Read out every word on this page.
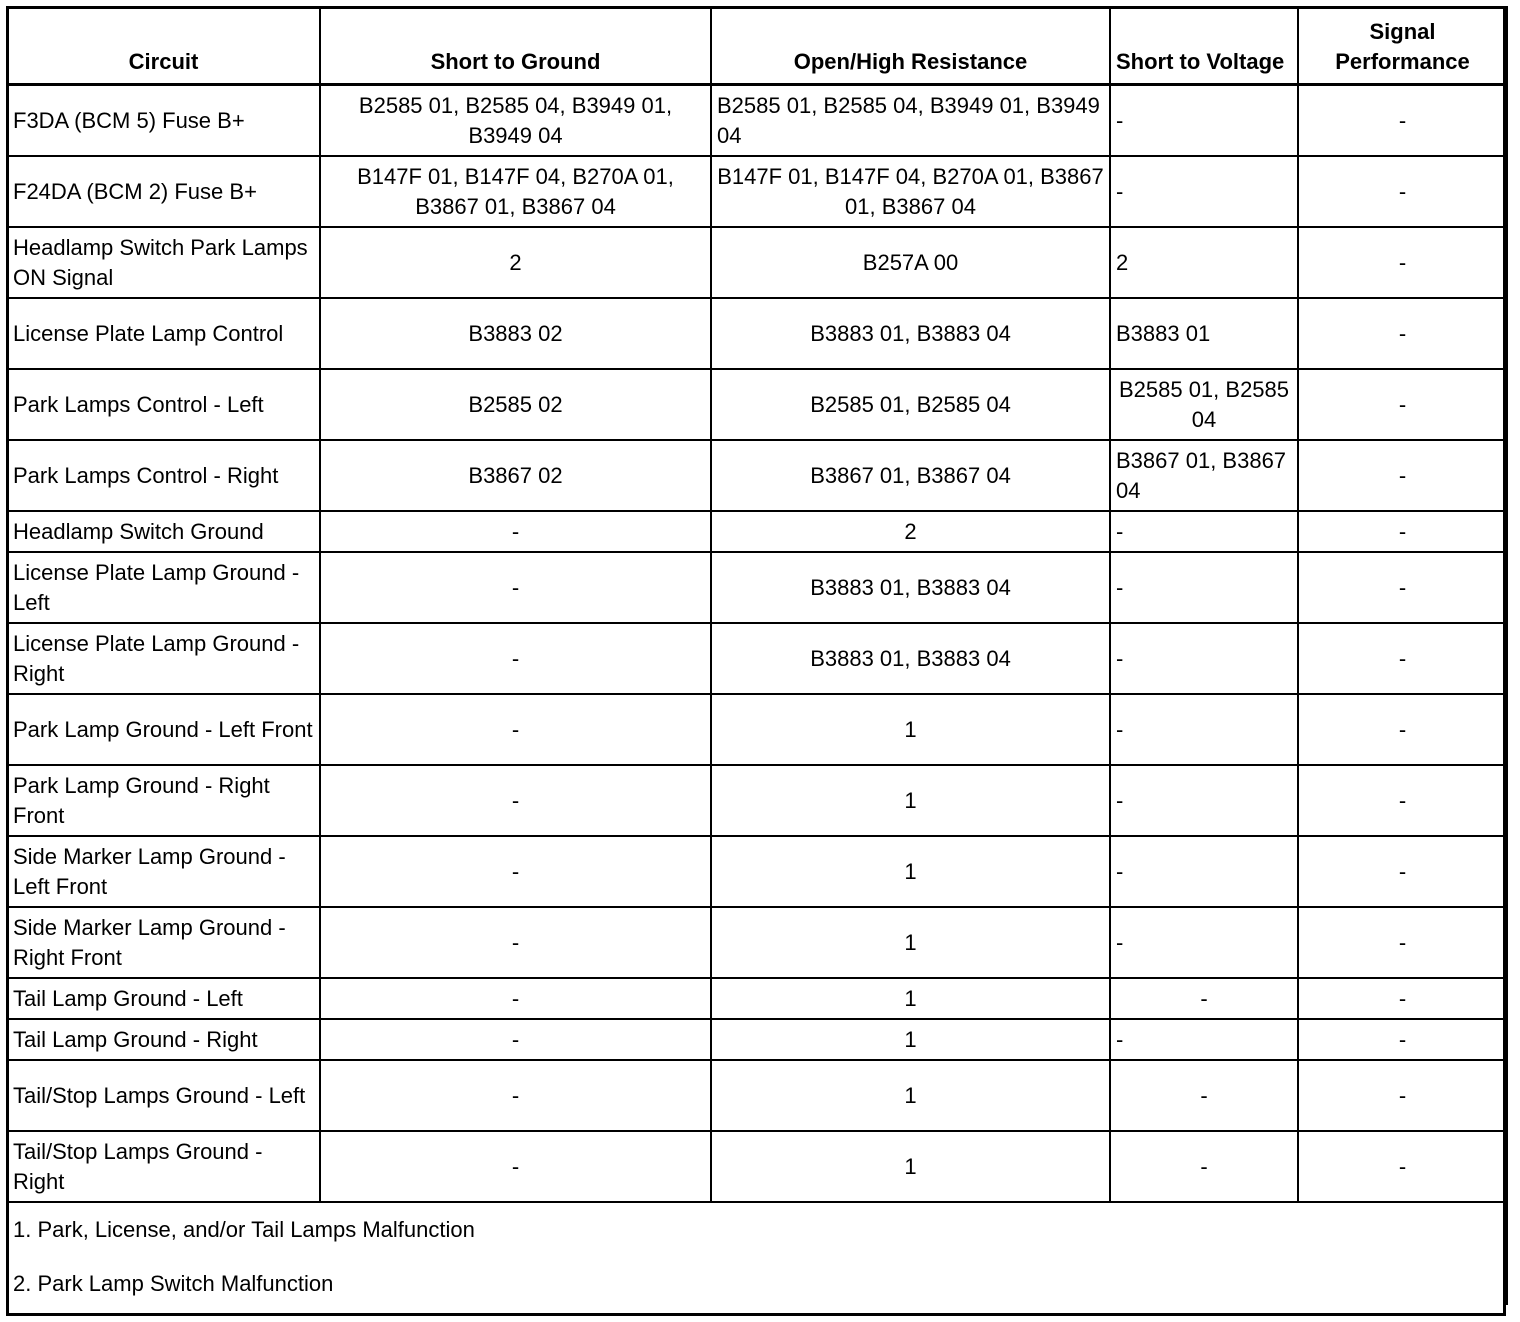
Circuit	Short to Ground	Open/High Resistance	Short to Voltage	Signal Performance
F3DA (BCM 5) Fuse B+	B2585 01, B2585 04, B3949 01, B3949 04	B2585 01, B2585 04, B3949 01, B3949 04	-	-
F24DA (BCM 2) Fuse B+	B147F 01, B147F 04, B270A 01, B3867 01, B3867 04	B147F 01, B147F 04, B270A 01, B3867 01, B3867 04	-	-
Headlamp Switch Park Lamps ON Signal	2	B257A 00	2	-
License Plate Lamp Control	B3883 02	B3883 01, B3883 04	B3883 01	-
Park Lamps Control - Left	B2585 02	B2585 01, B2585 04	B2585 01, B2585 04	-
Park Lamps Control - Right	B3867 02	B3867 01, B3867 04	B3867 01, B3867 04	-
Headlamp Switch Ground	-	2	-	-
License Plate Lamp Ground - Left	-	B3883 01, B3883 04	-	-
License Plate Lamp Ground - Right	-	B3883 01, B3883 04	-	-
Park Lamp Ground - Left Front	-	1	-	-
Park Lamp Ground - Right Front	-	1	-	-
Side Marker Lamp Ground - Left Front	-	1	-	-
Side Marker Lamp Ground - Right Front	-	1	-	-
Tail Lamp Ground - Left	-	1	-	-
Tail Lamp Ground - Right	-	1	-	-
Tail/Stop Lamps Ground - Left	-	1	-	-
Tail/Stop Lamps Ground - Right	-	1	-	-

1. Park, License, and/or Tail Lamps Malfunction
2. Park Lamp Switch Malfunction				
